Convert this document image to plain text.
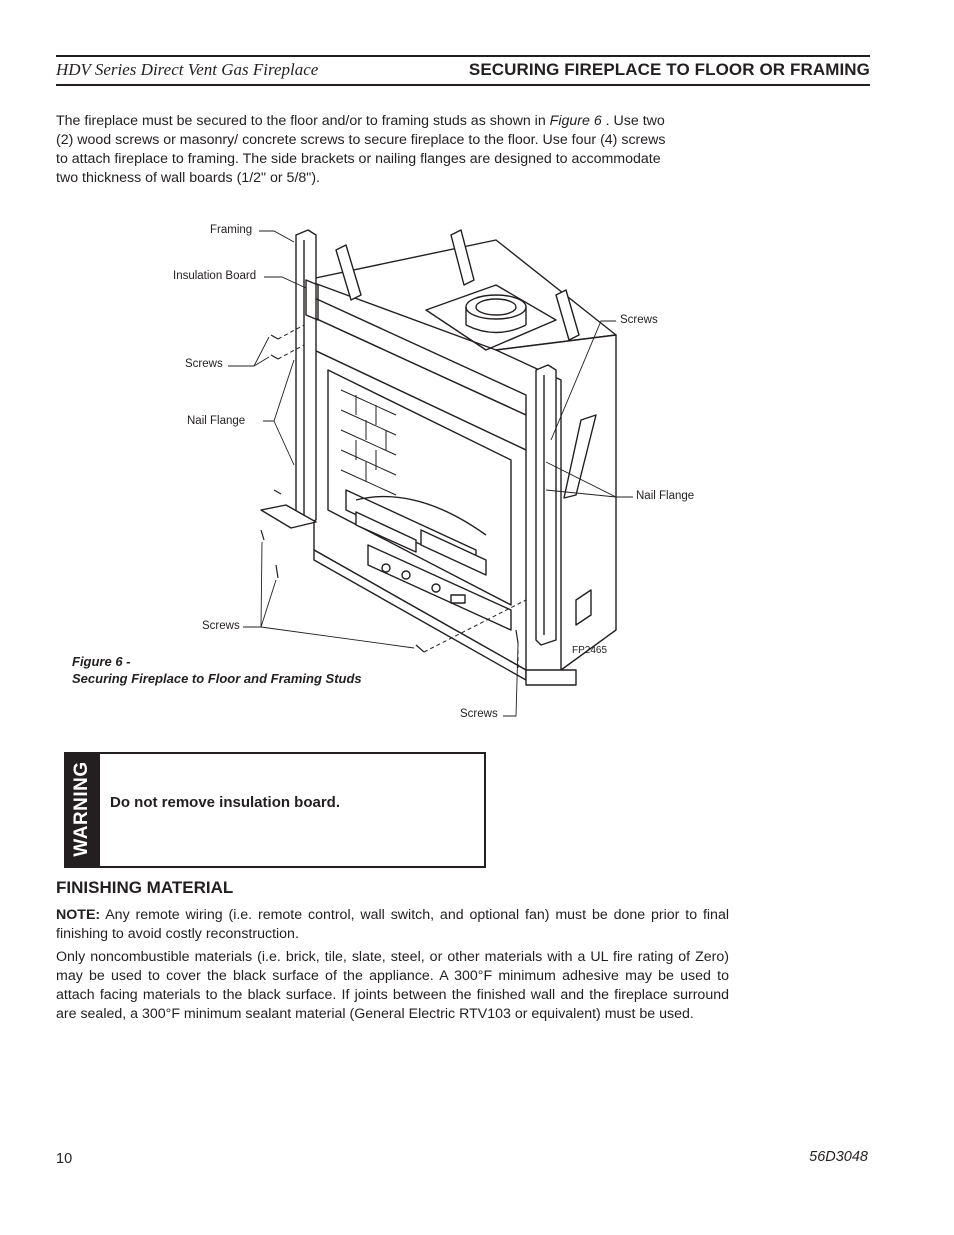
HDV Series Direct Vent Gas Fireplace	SECURING FIREPLACE TO FLOOR OR FRAMING
The fireplace must be secured to the floor and/or to framing studs as shown in Figure 6 . Use two (2) wood screws or masonry/ concrete screws to secure fireplace to the floor. Use four (4) screws to attach fireplace to framing. The side brackets or nailing flanges are designed to accommodate two thickness of wall boards (1/2" or 5/8").
Framing
Insulation Board
Screws
Nail Flange
Screws
Screws
Nail Flange
FP2465
Screws
Figure 6 -
Securing Fireplace to Floor and Framing Studs
WARNING Do not remove insulation board.
FINISHING MATERIAL
NOTE: Any remote wiring (i.e. remote control, wall switch, and optional fan) must be done prior to final finishing to avoid costly reconstruction.
Only noncombustible materials (i.e. brick, tile, slate, steel, or other materials with a UL fire rating of Zero) may be used to cover the black surface of the appliance. A 300°F minimum adhesive may be used to attach facing materials to the black surface. If joints between the finished wall and the fireplace surround are sealed, a 300°F minimum sealant material (General Electric RTV103 or equivalent) must be used.
10	56D3048
